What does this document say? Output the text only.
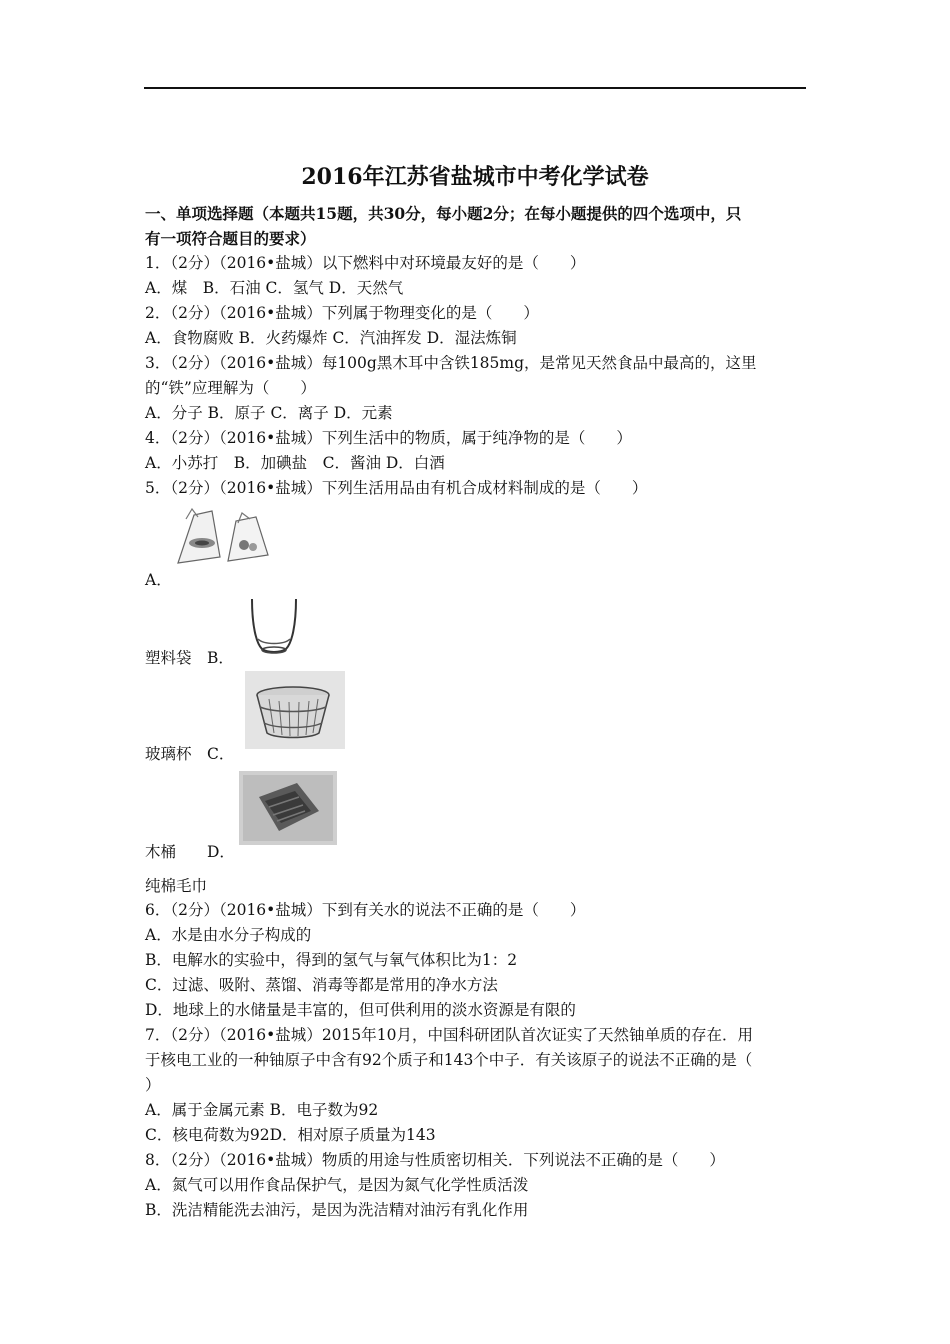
2016年江苏省盐城市中考化学试卷
一、单项选择题（本题共15题，共30分，每小题2分；在每小题提供的四个选项中，只
有一项符合题目的要求）
1．（2分）（2016•盐城）以下燃料中对环境最友好的是（　　）
A．煤　B．石油 C．氢气 D．天然气
2．（2分）（2016•盐城）下列属于物理变化的是（　　）
A．食物腐败 B．火药爆炸 C．汽油挥发 D．湿法炼铜
3．（2分）（2016•盐城）每100g黑木耳中含铁185mg，是常见天然食品中最高的，这里
的“铁”应理解为（　　）
A．分子 B．原子 C．离子 D．元素
4．（2分）（2016•盐城）下列生活中的物质，属于纯净物的是（　　）
A．小苏打　B．加碘盐　C．酱油 D．白酒
5．（2分）（2016•盐城）下列生活用品由有机合成材料制成的是（　　）
A．
塑料袋　B．
玻璃杯　C．
木桶　　D．
纯棉毛巾
6．（2分）（2016•盐城）下到有关水的说法不正确的是（　　）
A．水是由水分子构成的
B．电解水的实验中，得到的氢气与氧气体积比为1：2
C．过滤、吸附、蒸馏、消毒等都是常用的净水方法
D．地球上的水储量是丰富的，但可供利用的淡水资源是有限的
7．（2分）（2016•盐城）2015年10月，中国科研团队首次证实了天然铀单质的存在．用
于核电工业的一种铀原子中含有92个质子和143个中子．有关该原子的说法不正确的是（
）
A．属于金属元素 B．电子数为92
C．核电荷数为92D．相对原子质量为143
8．（2分）（2016•盐城）物质的用途与性质密切相关．下列说法不正确的是（　　）
A．氮气可以用作食品保护气，是因为氮气化学性质活泼
B．洗洁精能洗去油污，是因为洗洁精对油污有乳化作用
